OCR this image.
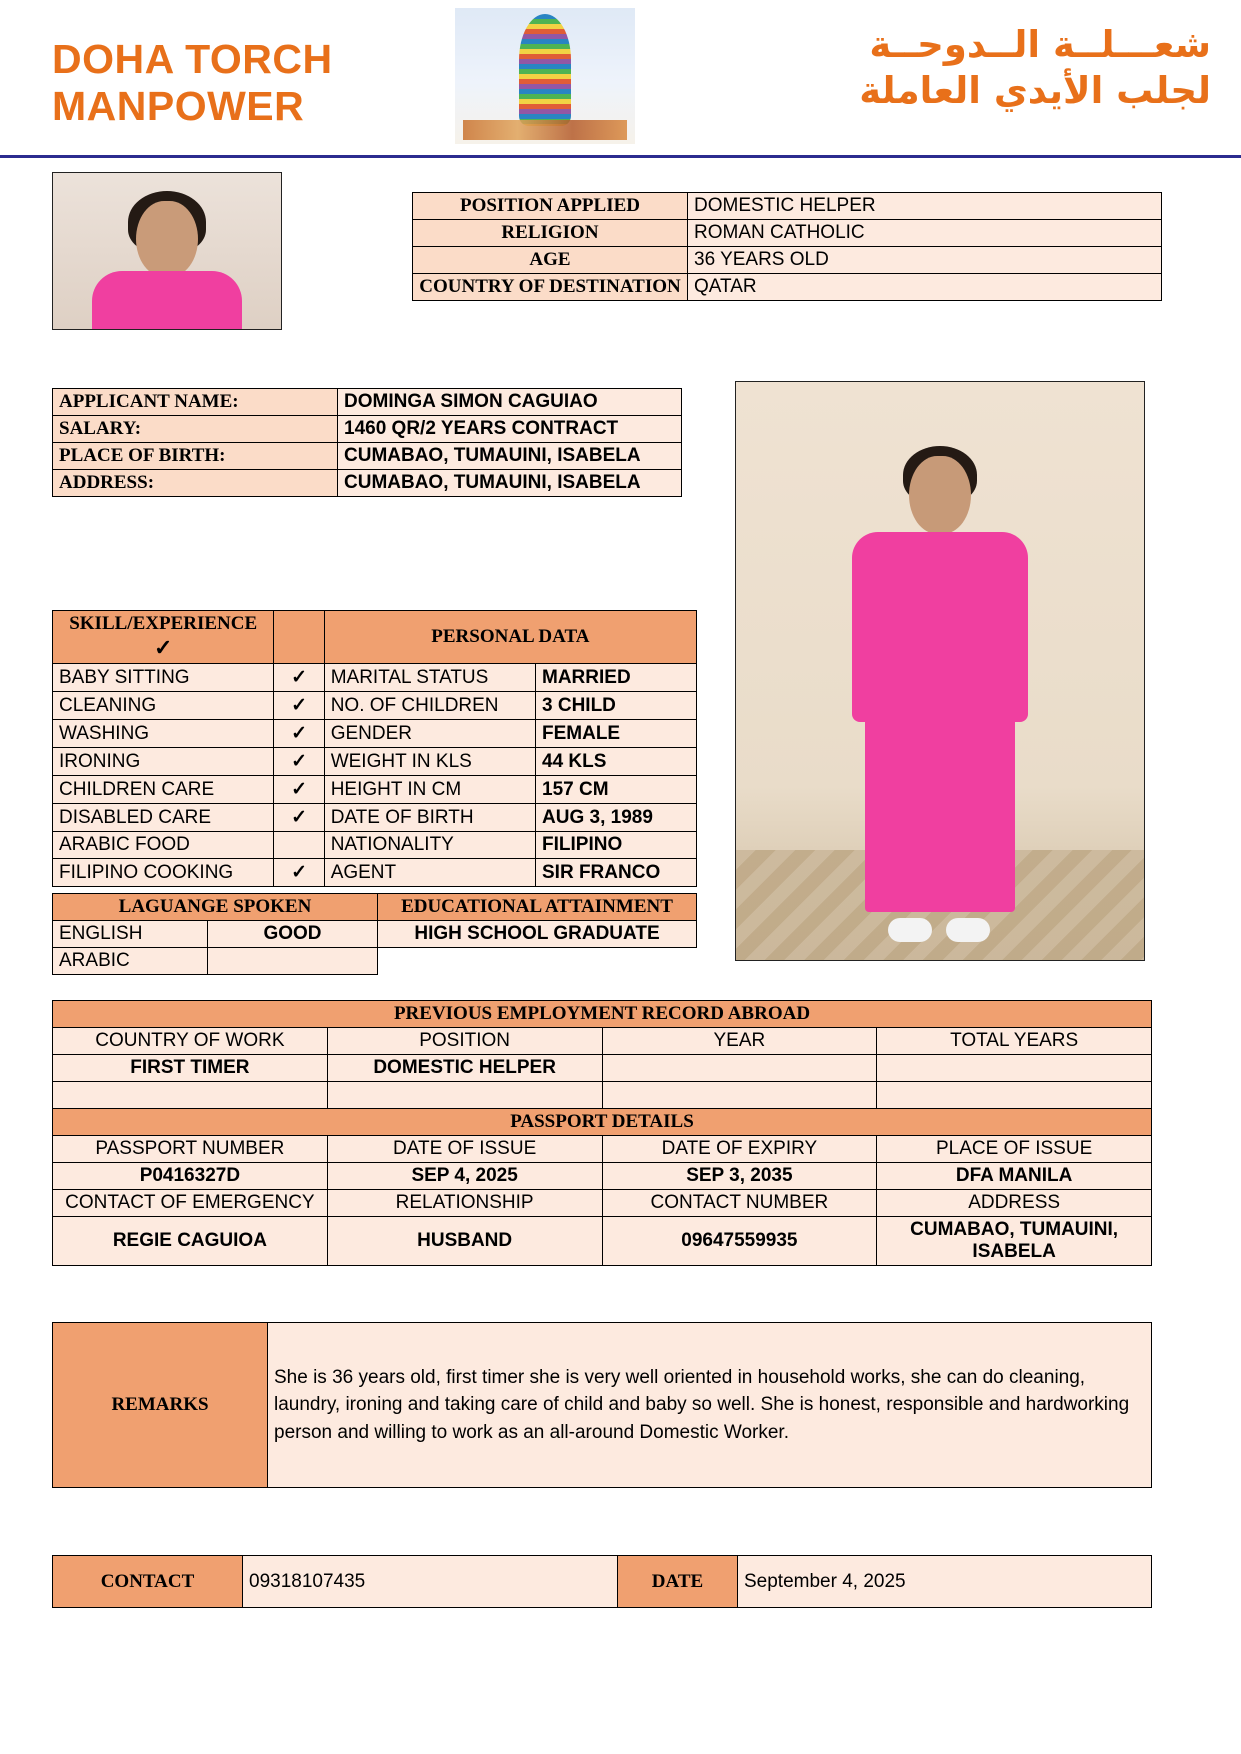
DOHA TORCH
MANPOWER
شعـــلــة الــدوحــة
لجلب الأيدي العاملة
POSITION APPLIED	DOMESTIC HELPER
RELIGION	ROMAN CATHOLIC
AGE	36 YEARS OLD
COUNTRY OF DESTINATION	QATAR
APPLICANT NAME:	DOMINGA SIMON CAGUIAO
SALARY:	1460 QR/2 YEARS CONTRACT
PLACE OF BIRTH:	CUMABAO, TUMAUINI, ISABELA
ADDRESS:	CUMABAO, TUMAUINI, ISABELA
SKILL/EXPERIENCE ✓		PERSONAL DATA	
BABY SITTING	✓	MARITAL STATUS	MARRIED
CLEANING	✓	NO. OF CHILDREN	3 CHILD
WASHING	✓	GENDER	FEMALE
IRONING	✓	WEIGHT IN KLS	44 KLS
CHILDREN CARE	✓	HEIGHT IN CM	157 CM
DISABLED CARE	✓	DATE OF BIRTH	AUG 3, 1989
ARABIC FOOD		NATIONALITY	FILIPINO
FILIPINO COOKING	✓	AGENT	SIR FRANCO
LAGUANGE SPOKEN		EDUCATIONAL ATTAINMENT
ENGLISH	GOOD	HIGH SCHOOL GRADUATE
ARABIC		
PREVIOUS EMPLOYMENT RECORD ABROAD			
COUNTRY OF WORK	POSITION	YEAR	TOTAL YEARS
FIRST TIMER	DOMESTIC HELPER		

PASSPORT DETAILS			
PASSPORT NUMBER	DATE OF ISSUE	DATE OF EXPIRY	PLACE OF ISSUE
P0416327D	SEP 4, 2025	SEP 3, 2035	DFA MANILA
CONTACT OF EMERGENCY	RELATIONSHIP	CONTACT NUMBER	ADDRESS
REGIE CAGUIOA	HUSBAND	09647559935	CUMABAO, TUMAUINI, ISABELA
REMARKS	She is 36 years old, first timer she is very well oriented in household works, she can do cleaning, laundry, ironing and taking care of child and baby so well. She is honest, responsible and hardworking person and willing to work as an all-around Domestic Worker.
CONTACT	09318107435	DATE	September 4, 2025
